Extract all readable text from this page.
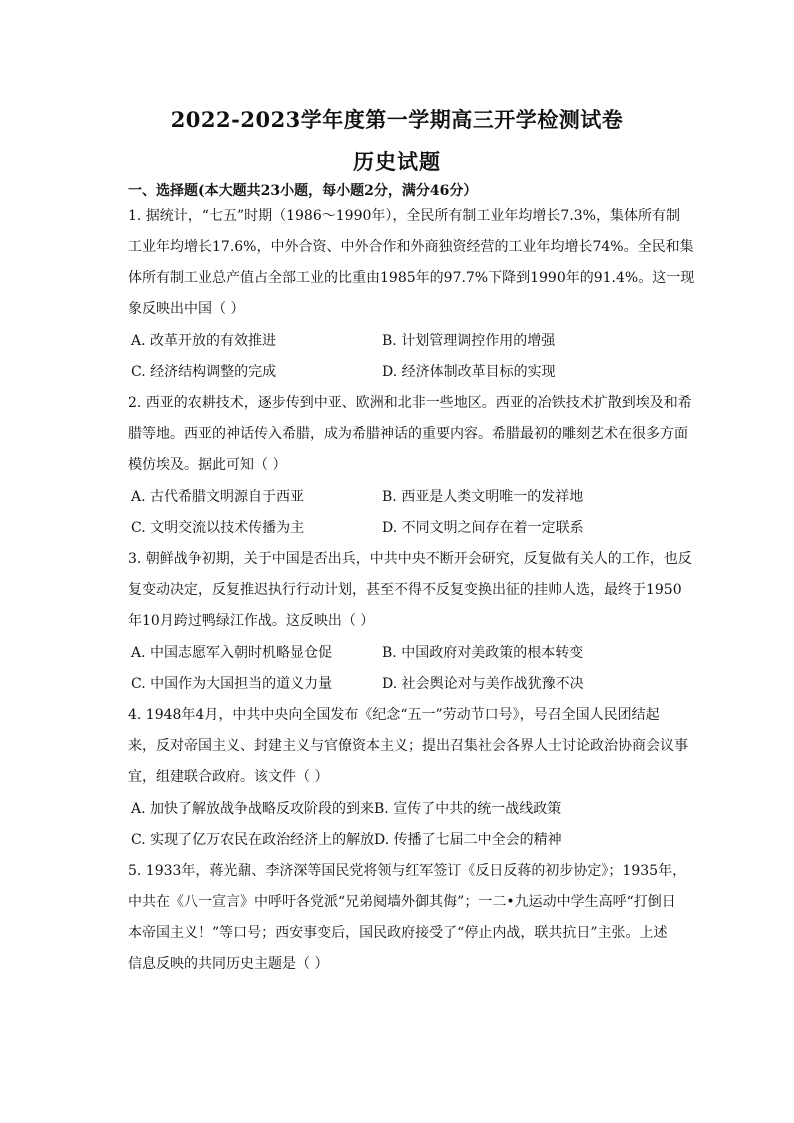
2022-2023学年度第一学期高三开学检测试卷
历史试题
一、选择题(本大题共23小题，每小题2分，满分46分）
1. 据统计，“七五”时期（1986～1990年），全民所有制工业年均增长7.3%，集体所有制
工业年均增长17.6%，中外合资、中外合作和外商独资经营的工业年均增长74%。全民和集
体所有制工业总产值占全部工业的比重由1985年的97.7%下降到1990年的91.4%。这一现
象反映出中国（ ）
A. 改革开放的有效推进	B. 计划管理调控作用的增强
C. 经济结构调整的完成	D. 经济体制改革目标的实现
2. 西亚的农耕技术，逐步传到中亚、欧洲和北非一些地区。西亚的冶铁技术扩散到埃及和希
腊等地。西亚的神话传入希腊，成为希腊神话的重要内容。希腊最初的雕刻艺术在很多方面
模仿埃及。据此可知（ ）
A. 古代希腊文明源自于西亚	B. 西亚是人类文明唯一的发祥地
C. 文明交流以技术传播为主	D. 不同文明之间存在着一定联系
3. 朝鲜战争初期，关于中国是否出兵，中共中央不断开会研究，反复做有关人的工作，也反
复变动决定，反复推迟执行行动计划，甚至不得不反复变换出征的挂帅人选，最终于1950
年10月跨过鸭绿江作战。这反映出（ ）
A. 中国志愿军入朝时机略显仓促	B. 中国政府对美政策的根本转变
C. 中国作为大国担当的道义力量	D. 社会舆论对与美作战犹豫不决
4. 1948年4月，中共中央向全国发布《纪念“五一”劳动节口号》，号召全国人民团结起
来，反对帝国主义、封建主义与官僚资本主义；提出召集社会各界人士讨论政治协商会议事
宜，组建联合政府。该文件（ ）
A. 加快了解放战争战略反攻阶段的到来 B. 宣传了中共的统一战线政策
C. 实现了亿万农民在政治经济上的解放 D. 传播了七届二中全会的精神
5. 1933年，蒋光鼐、李济深等国民党将领与红军签订《反日反蒋的初步协定》；1935年，
中共在《八一宣言》中呼吁各党派“兄弟阋墙外御其侮”；一二•九运动中学生高呼“打倒日
本帝国主义！”等口号；西安事变后，国民政府接受了“停止内战，联共抗日”主张。上述
信息反映的共同历史主题是（ ）
